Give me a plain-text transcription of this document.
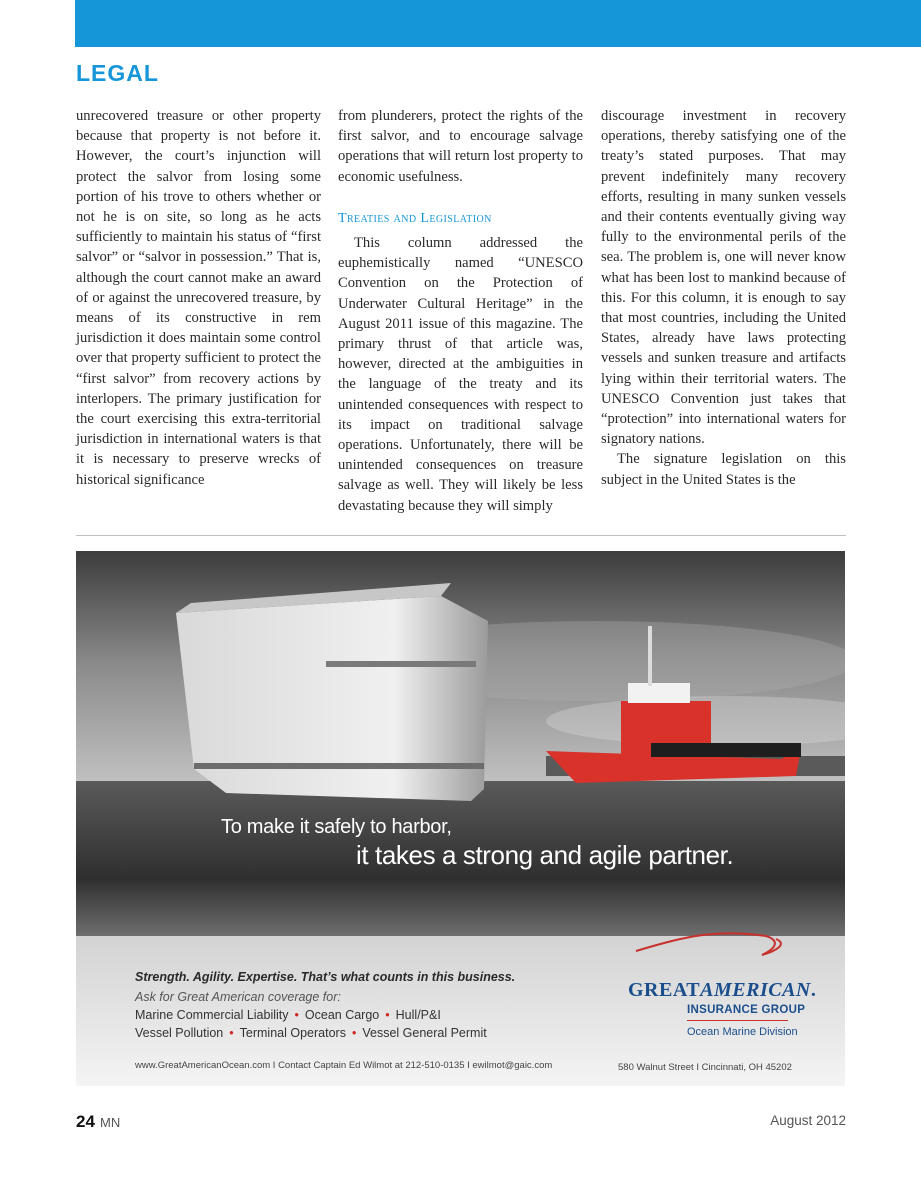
LEGAL

unrecovered treasure or other property because that property is not before it. However, the court’s injunction will protect the salvor from losing some portion of his trove to others whether or not he is on site, so long as he acts sufficiently to maintain his status of “first salvor” or “salvor in possession.” That is, although the court cannot make an award of or against the unrecovered treasure, by means of its constructive in rem jurisdiction it does maintain some control over that property sufficient to protect the “first salvor” from recovery actions by interlopers. The primary justification for the court exercising this extra-territorial jurisdiction in international waters is that it is necessary to preserve wrecks of historical significance

from plunderers, protect the rights of the first salvor, and to encourage salvage operations that will return lost property to economic usefulness.

Treaties and Legislation

This column addressed the euphemistically named “UNESCO Convention on the Protection of Underwater Cultural Heritage” in the August 2011 issue of this magazine. The primary thrust of that article was, however, directed at the ambiguities in the language of the treaty and its unintended consequences with respect to its impact on traditional salvage operations. Unfortunately, there will be unintended consequences on treasure salvage as well. They will likely be less devastating because they will simply

discourage investment in recovery operations, thereby satisfying one of the treaty’s stated purposes. That may prevent indefinitely many recovery efforts, resulting in many sunken vessels and their contents eventually giving way fully to the environmental perils of the sea. The problem is, one will never know what has been lost to mankind because of this. For this column, it is enough to say that most countries, including the United States, already have laws protecting vessels and sunken treasure and artifacts lying within their territorial waters. The UNESCO Convention just takes that “protection” into international waters for signatory nations.

The signature legislation on this subject in the United States is the

To make it safely to harbor,
it takes a strong and agile partner.
Strength. Agility. Expertise. That’s what counts in this business.
Ask for Great American coverage for:
Marine Commercial Liability • Ocean Cargo • Hull/P&I
Vessel Pollution • Terminal Operators • Vessel General Permit
GREATAMERICAN.
INSURANCE GROUP
Ocean Marine Division
www.GreatAmericanOcean.com I Contact Captain Ed Wilmot at 212-510-0135 I ewilmot@gaic.com	580 Walnut Street I Cincinnati, OH 45202
24 MN	August 2012
